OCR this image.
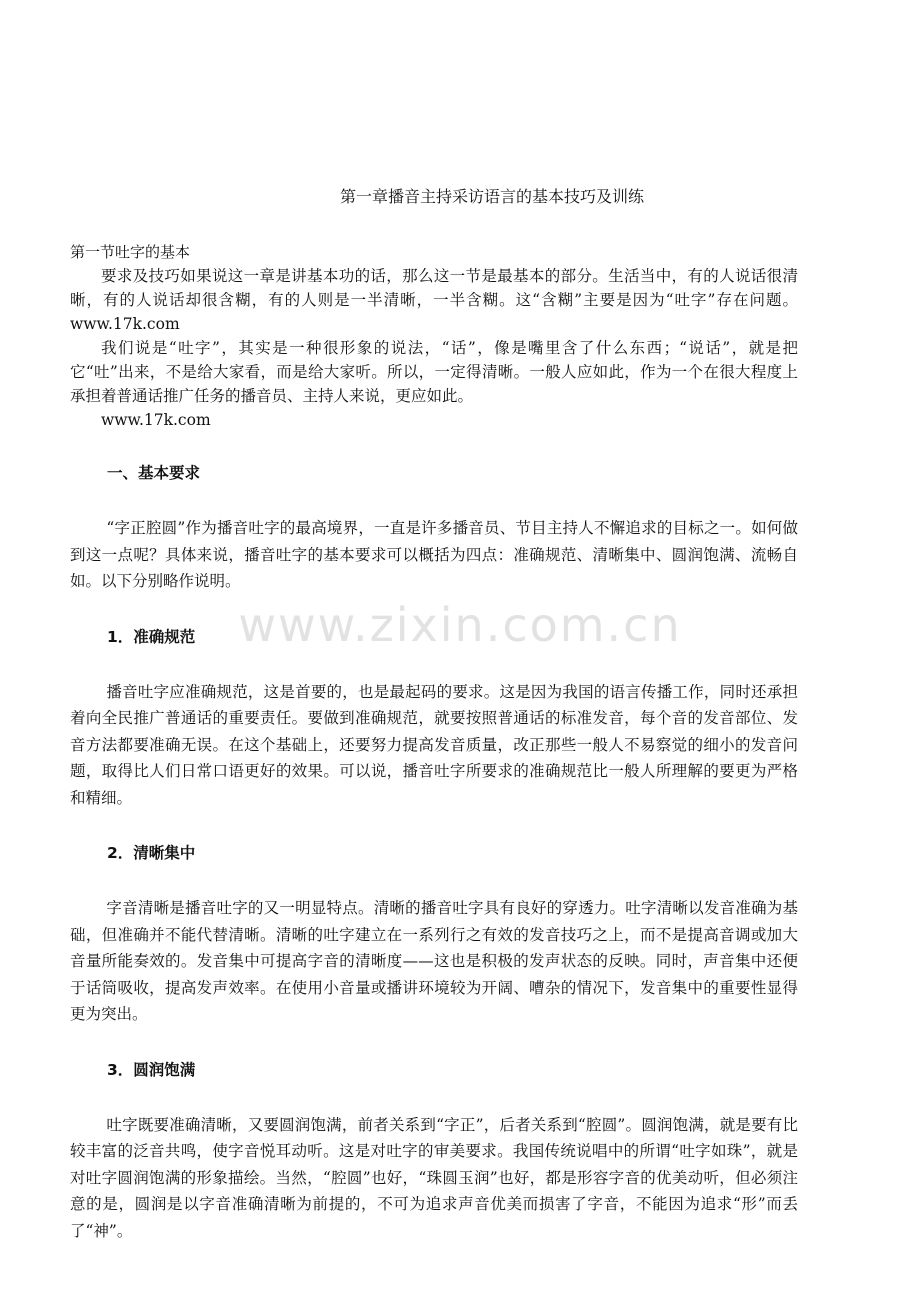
www.zixin.com.cn
第一章播音主持采访语言的基本技巧及训练
第一节吐字的基本

要求及技巧如果说这一章是讲基本功的话，那么这一节是最基本的部分。生活当中，有的人说话很清晰，有的人说话却很含糊，有的人则是一半清晰，一半含糊。这“含糊”主要是因为“吐字”存在问题。www.17k.com

我们说是“吐字”，其实是一种很形象的说法，“话”，像是嘴里含了什么东西；“说话”，就是把它“吐”出来，不是给大家看，而是给大家听。所以，一定得清晰。一般人应如此，作为一个在很大程度上承担着普通话推广任务的播音员、主持人来说，更应如此。

www.17k.com

一、基本要求

“字正腔圆”作为播音吐字的最高境界，一直是许多播音员、节目主持人不懈追求的目标之一。如何做到这一点呢？具体来说，播音吐字的基本要求可以概括为四点：准确规范、清晰集中、圆润饱满、流畅自如。以下分别略作说明。

1．准确规范

播音吐字应准确规范，这是首要的，也是最起码的要求。这是因为我国的语言传播工作，同时还承担着向全民推广普通话的重要责任。要做到准确规范，就要按照普通话的标准发音，每个音的发音部位、发音方法都要准确无误。在这个基础上，还要努力提高发音质量，改正那些一般人不易察觉的细小的发音问题，取得比人们日常口语更好的效果。可以说，播音吐字所要求的准确规范比一般人所理解的要更为严格和精细。

2．清晰集中

字音清晰是播音吐字的又一明显特点。清晰的播音吐字具有良好的穿透力。吐字清晰以发音准确为基础，但准确并不能代替清晰。清晰的吐字建立在一系列行之有效的发音技巧之上，而不是提高音调或加大音量所能奏效的。发音集中可提高字音的清晰度——这也是积极的发声状态的反映。同时，声音集中还便于话筒吸收，提高发声效率。在使用小音量或播讲环境较为开阔、嘈杂的情况下，发音集中的重要性显得更为突出。

3．圆润饱满

吐字既要准确清晰，又要圆润饱满，前者关系到“字正”，后者关系到“腔圆”。圆润饱满，就是要有比较丰富的泛音共鸣，使字音悦耳动听。这是对吐字的审美要求。我国传统说唱中的所谓“吐字如珠”，就是对吐字圆润饱满的形象描绘。当然，“腔圆”也好，“珠圆玉润”也好，都是形容字音的优美动听，但必须注意的是，圆润是以字音准确清晰为前提的，不可为追求声音优美而损害了字音，不能因为追求“形”而丢了“神”。
